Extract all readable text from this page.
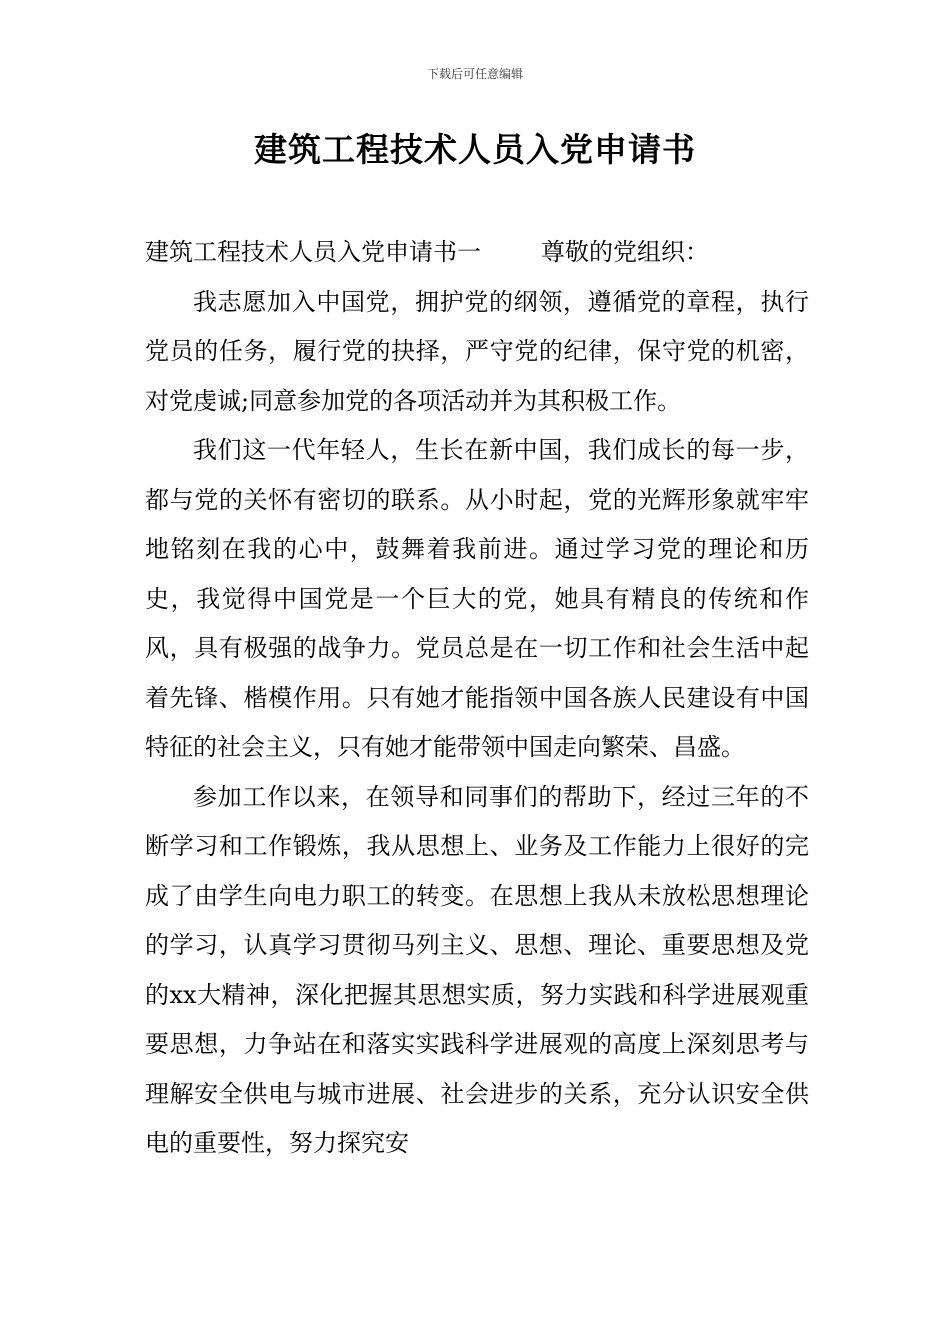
下载后可任意编辑
建筑工程技术人员入党申请书

建筑工程技术人员入党申请书一	尊敬的党组织：

我志愿加入中国党，拥护党的纲领，遵循党的章程，执行党员的任务，履行党的抉择，严守党的纪律，保守党的机密，对党虔诚;同意参加党的各项活动并为其积极工作。

我们这一代年轻人，生长在新中国，我们成长的每一步，都与党的关怀有密切的联系。从小时起，党的光辉形象就牢牢地铭刻在我的心中，鼓舞着我前进。通过学习党的理论和历史，我觉得中国党是一个巨大的党，她具有精良的传统和作风，具有极强的战争力。党员总是在一切工作和社会生活中起着先锋、楷模作用。只有她才能指领中国各族人民建设有中国特征的社会主义，只有她才能带领中国走向繁荣、昌盛。

参加工作以来，在领导和同事们的帮助下，经过三年的不断学习和工作锻炼，我从思想上、业务及工作能力上很好的完成了由学生向电力职工的转变。在思想上我从未放松思想理论的学习，认真学习贯彻马列主义、思想、理论、重要思想及党的xx大精神，深化把握其思想实质，努力实践和科学进展观重要思想，力争站在和落实实践科学进展观的高度上深刻思考与理解安全供电与城市进展、社会进步的关系，充分认识安全供电的重要性，努力探究安
